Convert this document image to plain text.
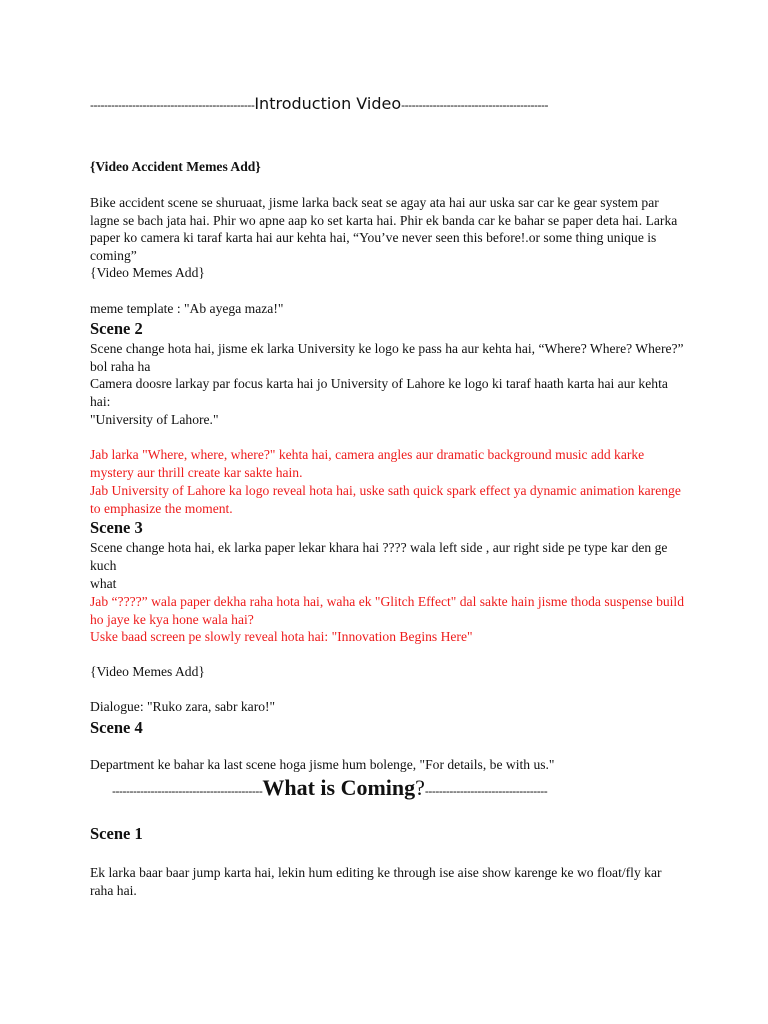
-----------------------------------------------Introduction Video------------------------------------------
{Video Accident Memes Add}
Bike accident scene se shuruaat, jisme larka back seat se agay ata hai aur uska sar car ke gear system par lagne se bach jata hai. Phir wo apne aap ko set karta hai. Phir ek banda car ke bahar se paper deta hai. Larka paper ko camera ki taraf karta hai aur kehta hai, “You’ve never seen this before!.or some thing unique is coming”
{Video Memes Add}
meme template : "Ab ayega maza!"
Scene 2
Scene change hota hai, jisme ek larka University ke logo ke pass ha aur kehta hai, “Where? Where? Where?” bol raha ha
Camera doosre larkay par focus karta hai jo University of Lahore ke logo ki taraf haath karta hai aur kehta hai:
"University of Lahore."
Jab larka "Where, where, where?" kehta hai, camera angles aur dramatic background music add karke mystery aur thrill create kar sakte hain.
Jab University of Lahore ka logo reveal hota hai, uske sath quick spark effect ya dynamic animation karenge to emphasize the moment.
Scene 3
Scene change hota hai, ek larka paper lekar khara hai ???? wala left side , aur right side pe type kar den ge kuch
what
Jab “????” wala paper dekha raha hota hai, waha ek "Glitch Effect" dal sakte hain jisme thoda suspense build ho jaye ke kya hone wala hai?
Uske baad screen pe slowly reveal hota hai: "Innovation Begins Here"
{Video Memes Add}
Dialogue: "Ruko zara, sabr karo!"
Scene 4
Department ke bahar ka last scene hoga jisme hum bolenge, "For details, be with us."
-------------------------------------------What is Coming?-----------------------------------
Scene 1
Ek larka baar baar jump karta hai, lekin hum editing ke through ise aise show karenge ke wo float/fly kar raha hai.
